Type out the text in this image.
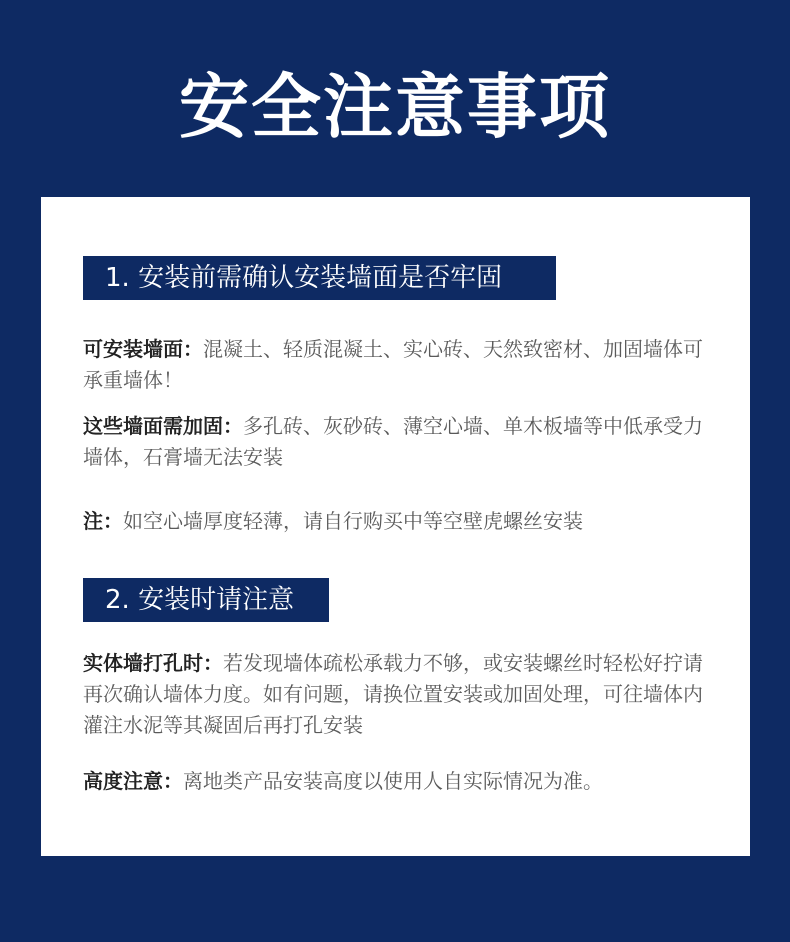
安全注意事项
1. 安装前需确认安装墙面是否牢固

可安装墙面：混凝土、轻质混凝土、实心砖、天然致密材、加固墙体可承重墙体！

这些墙面需加固：多孔砖、灰砂砖、薄空心墙、单木板墙等中低承受力墙体，石膏墙无法安装

注：如空心墙厚度轻薄，请自行购买中等空壁虎螺丝安装

2. 安装时请注意

实体墙打孔时：若发现墙体疏松承载力不够，或安装螺丝时轻松好拧请再次确认墙体力度。如有问题，请换位置安装或加固处理，可往墙体内灌注水泥等其凝固后再打孔安装

高度注意：离地类产品安装高度以使用人自实际情况为准。
